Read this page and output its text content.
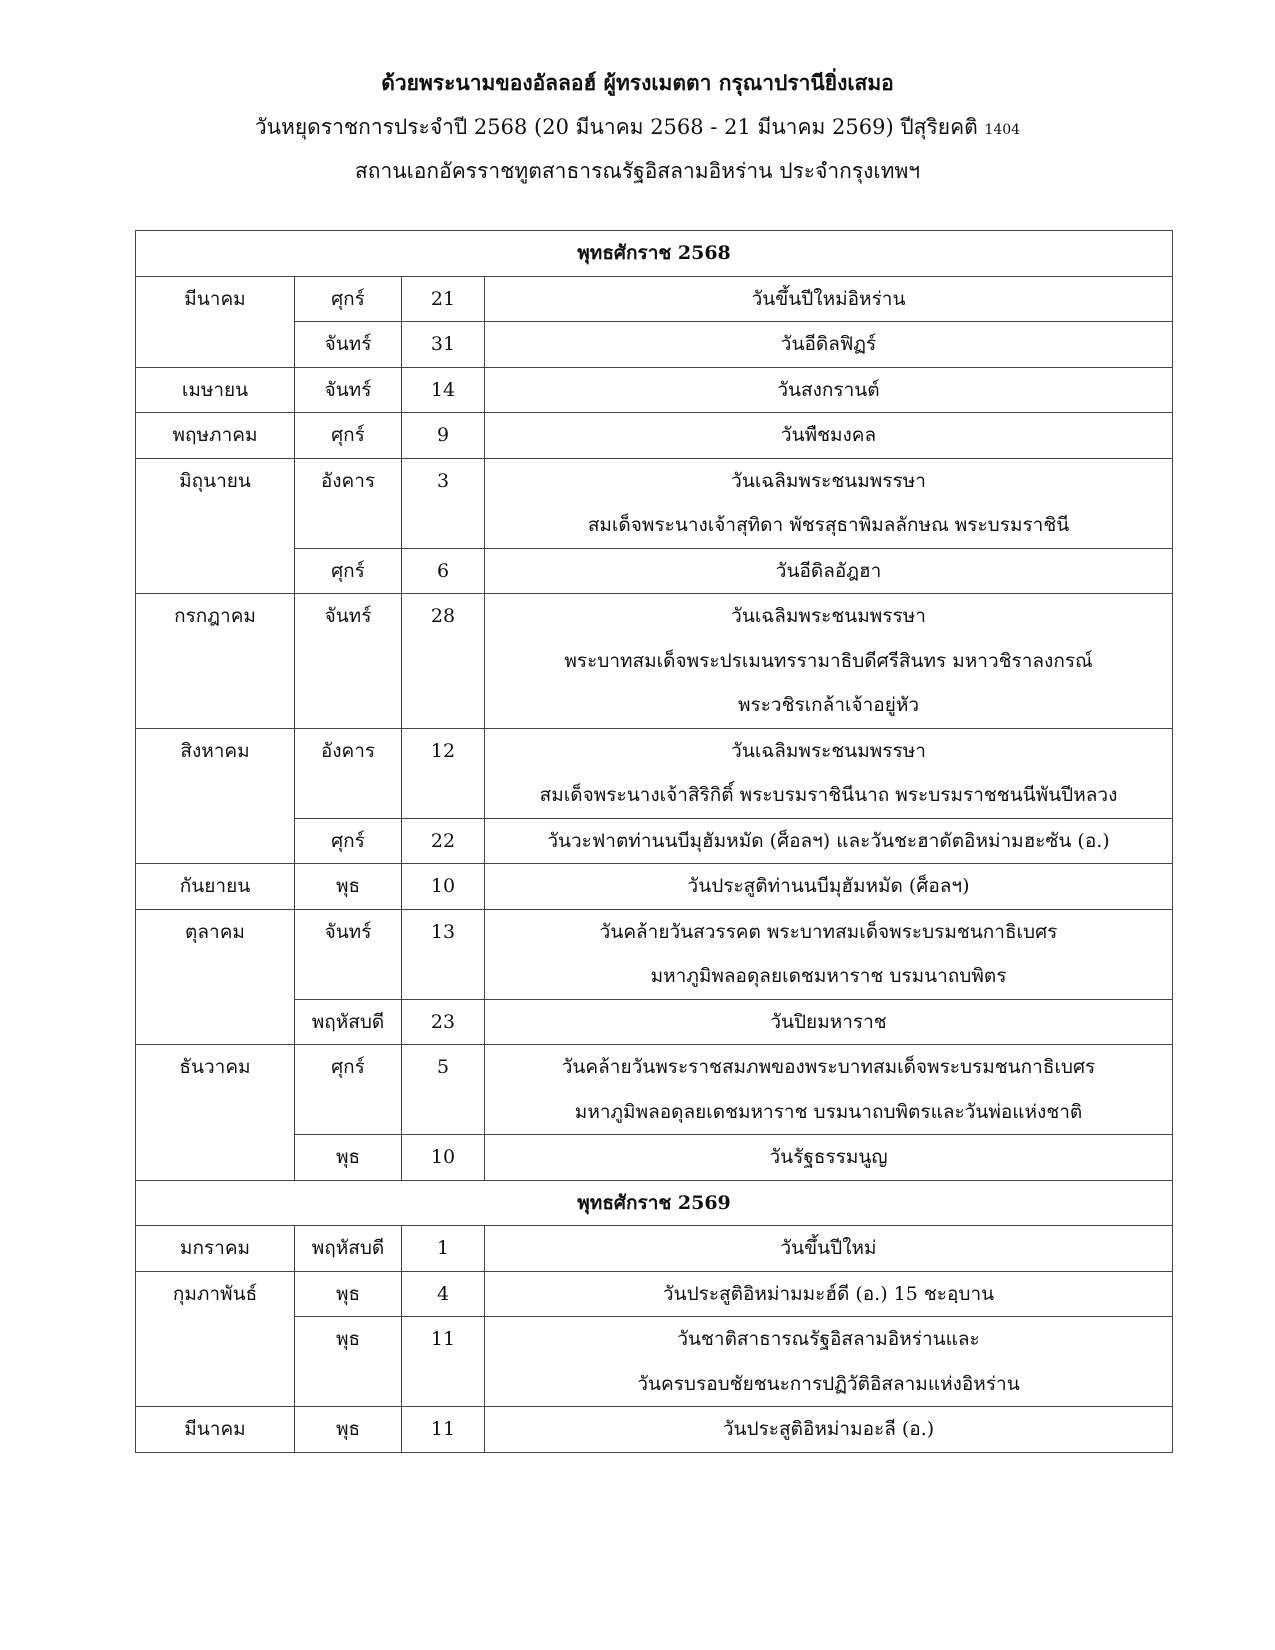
ด้วยพระนามของอัลลอฮ์ ผู้ทรงเมตตา กรุณาปรานียิ่งเสมอ
วันหยุดราชการประจำปี 2568 (20 มีนาคม 2568 - 21 มีนาคม 2569) ปีสุริยคติ 1404
สถานเอกอัครราชทูตสาธารณรัฐอิสลามอิหร่าน ประจำกรุงเทพฯ
พุทธศักราช 2568			
มีนาคม	ศุกร์	21	วันขึ้นปีใหม่อิหร่าน

	จันทร์	31	วันอีดิลฟิฏร์

เมษายน	จันทร์	14	วันสงกรานต์

พฤษภาคม	ศุกร์	9	วันพืชมงคล

มิถุนายน	อังคาร	3	วันเฉลิมพระชนมพรรษา
สมเด็จพระนางเจ้าสุทิดา พัชรสุธาพิมลลักษณ พระบรมราชินี

	ศุกร์	6	วันอีดิลอัฎฮา

กรกฎาคม	จันทร์	28	วันเฉลิมพระชนมพรรษา
พระบาทสมเด็จพระปรเมนทรรามาธิบดีศรีสินทร มหาวชิราลงกรณ์
พระวชิรเกล้าเจ้าอยู่หัว

สิงหาคม	อังคาร	12	วันเฉลิมพระชนมพรรษา
สมเด็จพระนางเจ้าสิริกิติ์ พระบรมราชินีนาถ พระบรมราชชนนีพันปีหลวง

	ศุกร์	22	วันวะฟาตท่านนบีมุฮัมหมัด (ศ็อลฯ) และวันชะฮาดัตอิหม่ามฮะซัน (อ.)

กันยายน	พุธ	10	วันประสูติท่านนบีมุฮัมหมัด (ศ็อลฯ)

ตุลาคม	จันทร์	13	วันคล้ายวันสวรรคต พระบาทสมเด็จพระบรมชนกาธิเบศร
มหาภูมิพลอดุลยเดชมหาราช บรมนาถบพิตร

	พฤหัสบดี	23	วันปิยมหาราช

ธันวาคม	ศุกร์	5	วันคล้ายวันพระราชสมภพของพระบาทสมเด็จพระบรมชนกาธิเบศร
มหาภูมิพลอดุลยเดชมหาราช บรมนาถบพิตรและวันพ่อแห่งชาติ

	พุธ	10	วันรัฐธรรมนูญ

พุทธศักราช 2569			
มกราคม	พฤหัสบดี	1	วันขึ้นปีใหม่

กุมภาพันธ์	พุธ	4	วันประสูติอิหม่ามมะฮ์ดี (อ.) 15 ชะอฺบาน

	พุธ	11	วันชาติสาธารณรัฐอิสลามอิหร่านและ
วันครบรอบชัยชนะการปฏิวัติอิสลามแห่งอิหร่าน

มีนาคม	พุธ	11	วันประสูติอิหม่ามอะลี (อ.)
